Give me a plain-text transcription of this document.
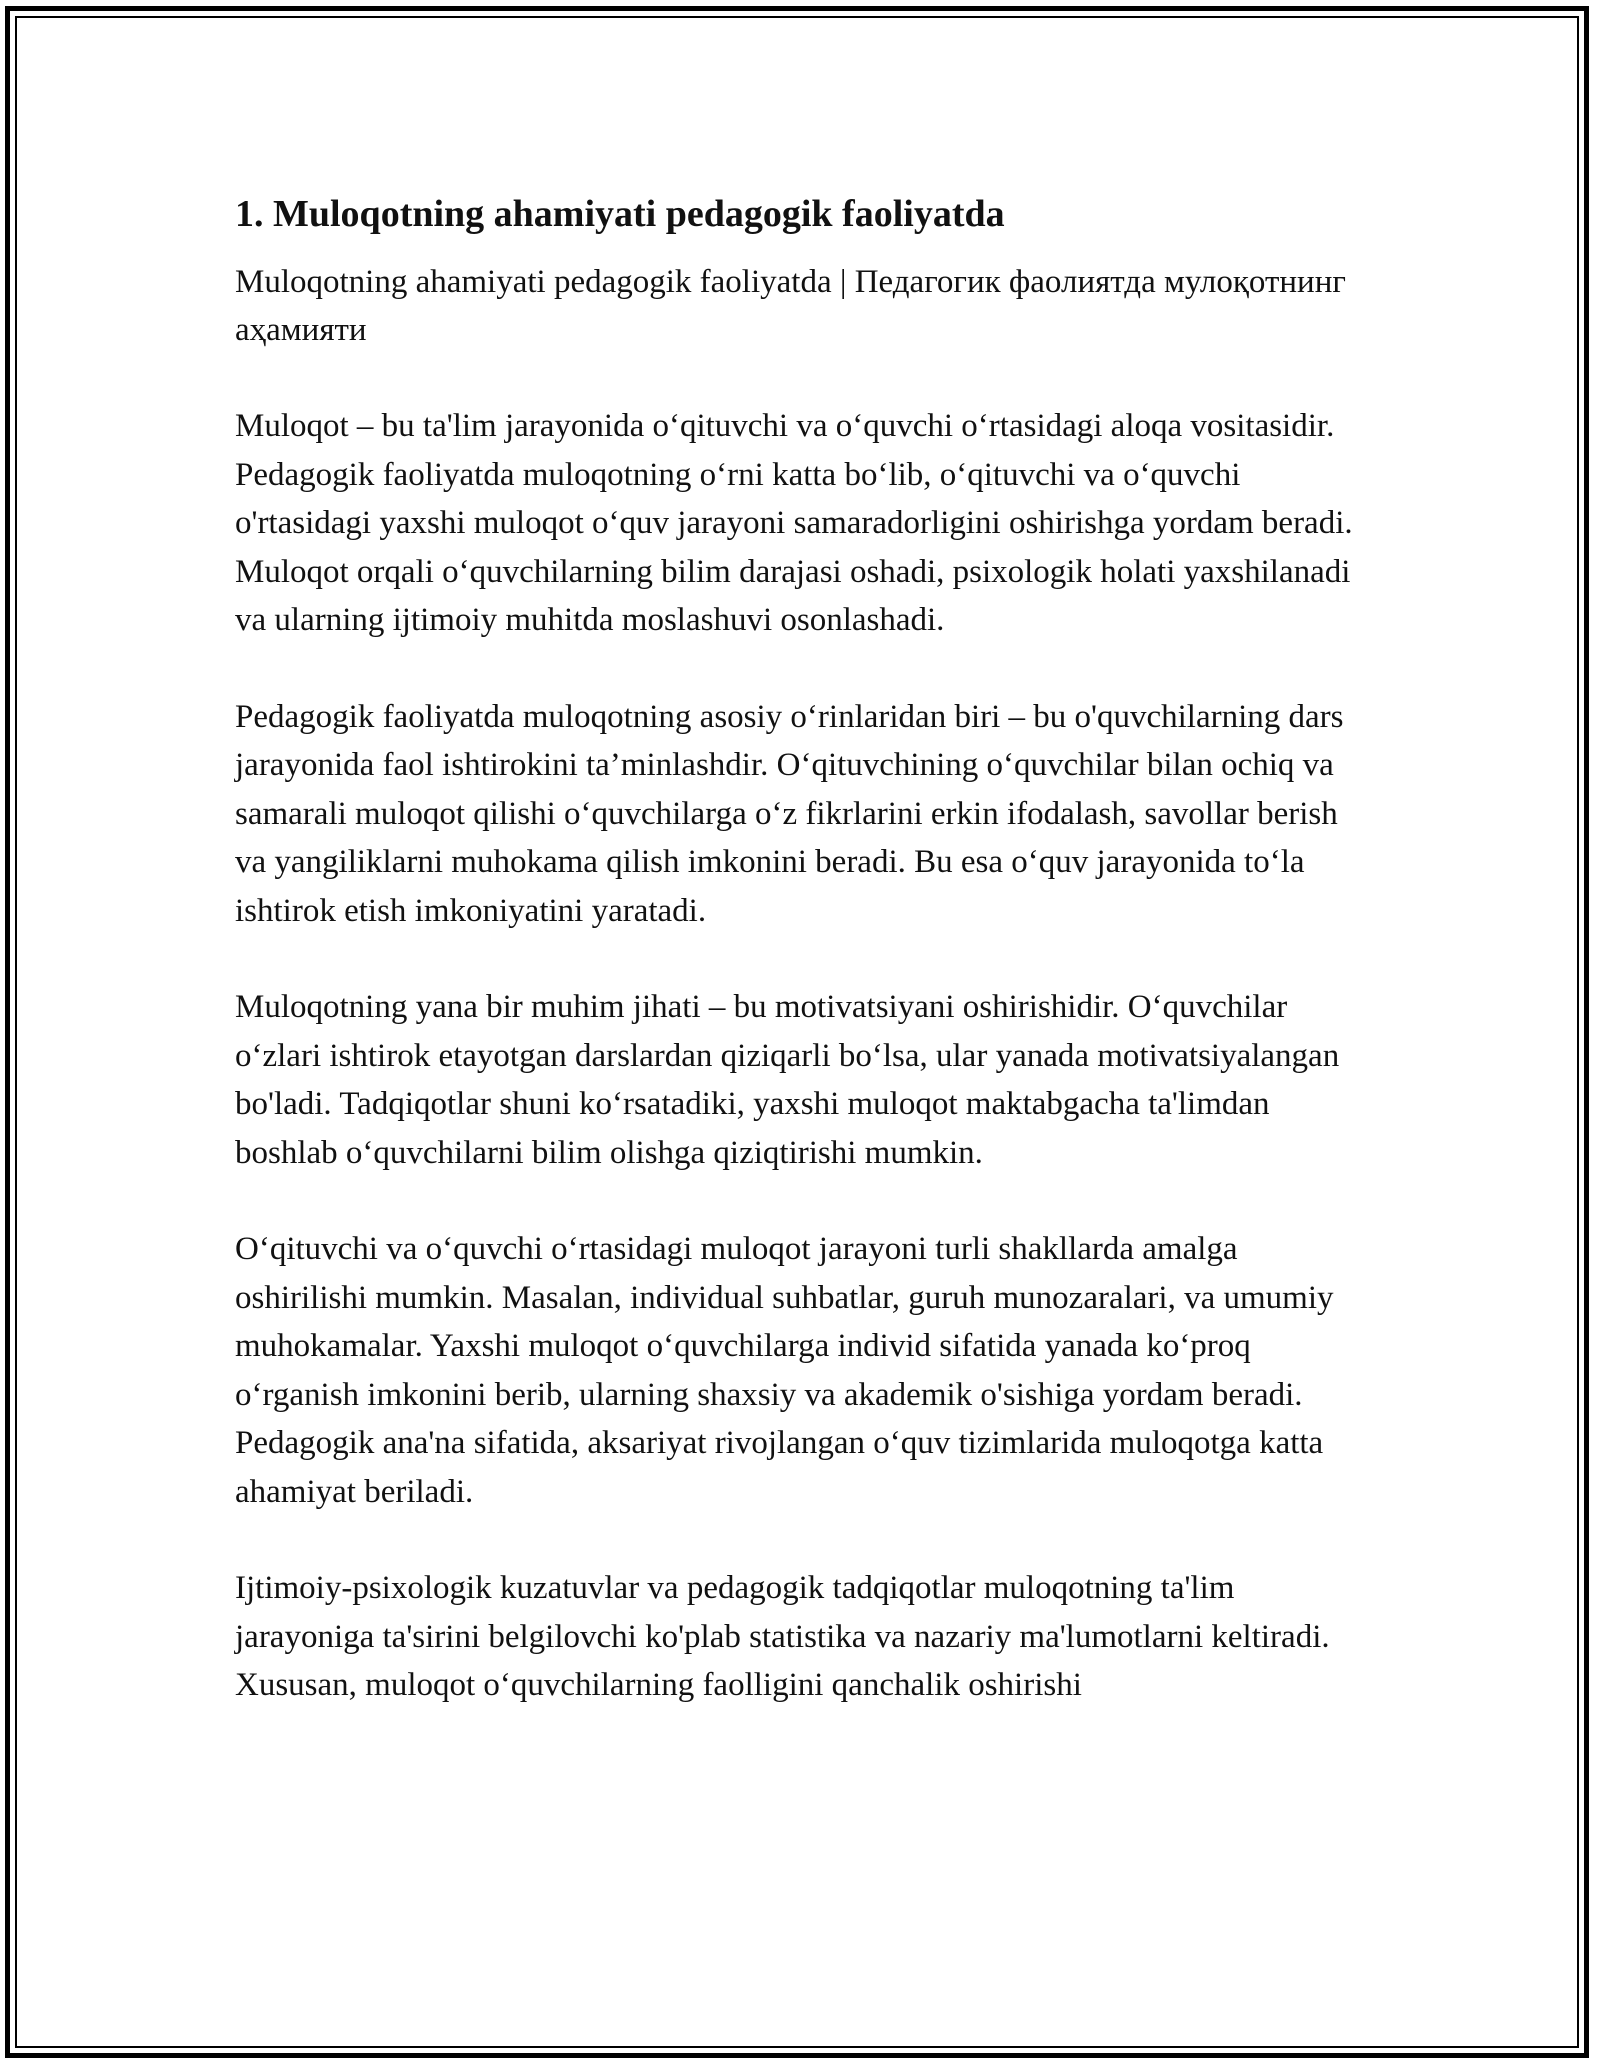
1. Muloqotning ahamiyati pedagogik faoliyatda

Muloqotning ahamiyati pedagogik faoliyatda | Педагогик фаолиятда мулоқотнинг аҳамияти

Muloqot – bu ta'lim jarayonida o‘qituvchi va o‘quvchi o‘rtasidagi aloqa vositasidir. Pedagogik faoliyatda muloqotning o‘rni katta bo‘lib, o‘qituvchi va o‘quvchi o'rtasidagi yaxshi muloqot o‘quv jarayoni samaradorligini oshirishga yordam beradi. Muloqot orqali o‘quvchilarning bilim darajasi oshadi, psixologik holati yaxshilanadi va ularning ijtimoiy muhitda moslashuvi osonlashadi.

Pedagogik faoliyatda muloqotning asosiy o‘rinlaridan biri – bu o'quvchilarning dars jarayonida faol ishtirokini ta’minlashdir. O‘qituvchining o‘quvchilar bilan ochiq va samarali muloqot qilishi o‘quvchilarga o‘z fikrlarini erkin ifodalash, savollar berish va yangiliklarni muhokama qilish imkonini beradi. Bu esa o‘quv jarayonida to‘la ishtirok etish imkoniyatini yaratadi.

Muloqotning yana bir muhim jihati – bu motivatsiyani oshirishidir. O‘quvchilar o‘zlari ishtirok etayotgan darslardan qiziqarli bo‘lsa, ular yanada motivatsiyalangan bo'ladi. Tadqiqotlar shuni ko‘rsatadiki, yaxshi muloqot maktabgacha ta'limdan boshlab o‘quvchilarni bilim olishga qiziqtirishi mumkin.

O‘qituvchi va o‘quvchi o‘rtasidagi muloqot jarayoni turli shakllarda amalga oshirilishi mumkin. Masalan, individual suhbatlar, guruh munozaralari, va umumiy muhokamalar. Yaxshi muloqot o‘quvchilarga individ sifatida yanada ko‘proq o‘rganish imkonini berib, ularning shaxsiy va akademik o'sishiga yordam beradi. Pedagogik ana'na sifatida, aksariyat rivojlangan o‘quv tizimlarida muloqotga katta ahamiyat beriladi.

Ijtimoiy-psixologik kuzatuvlar va pedagogik tadqiqotlar muloqotning ta'lim jarayoniga ta'sirini belgilovchi ko'plab statistika va nazariy ma'lumotlarni keltiradi. Xususan, muloqot o‘quvchilarning faolligini qanchalik oshirishi
